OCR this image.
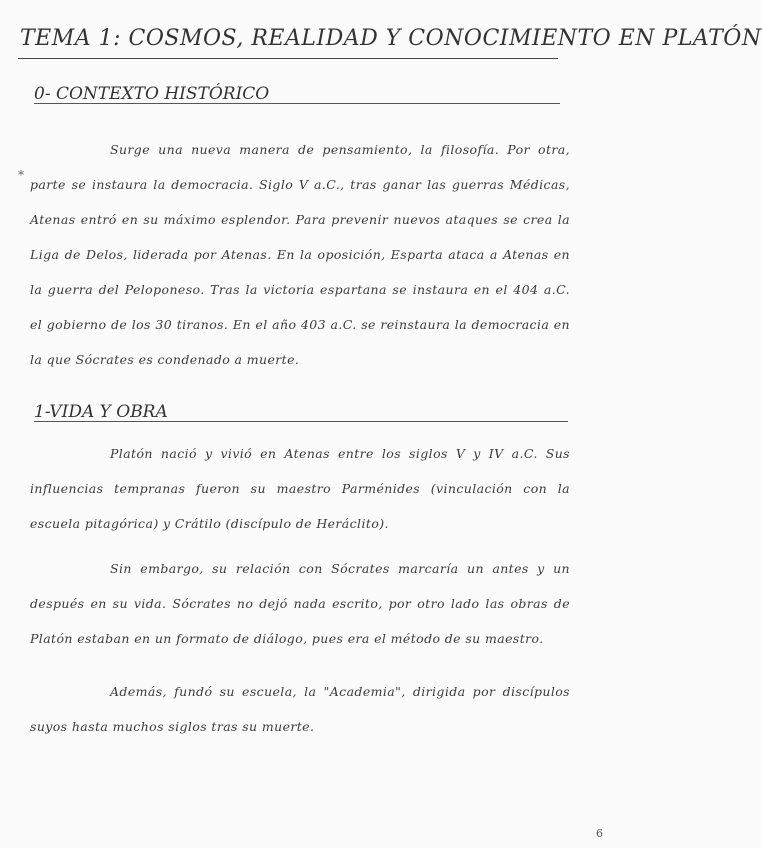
TEMA 1: COSMOS, REALIDAD Y CONOCIMIENTO EN PLATÓN
0- CONTEXTO HISTÓRICO
*
Surge una nueva manera de pensamiento, la filosofía. Por otra, parte se instaura la democracia. Siglo V a.C., tras ganar las guerras Médicas, Atenas entró en su máximo esplendor. Para prevenir nuevos ataques se crea la Liga de Delos, liderada por Atenas. En la oposición, Esparta ataca a Atenas en la guerra del Peloponeso. Tras la victoria espartana se instaura en el 404 a.C. el gobierno de los 30 tiranos. En el año 403 a.C. se reinstaura la democracia en la que Sócrates es condenado a muerte.
1-VIDA Y OBRA
Platón nació y vivió en Atenas entre los siglos V y IV a.C. Sus influencias tempranas fueron su maestro Parménides (vinculación con la escuela pitagórica) y Crátilo (discípulo de Heráclito).
Sin embargo, su relación con Sócrates marcaría un antes y un después en su vida. Sócrates no dejó nada escrito, por otro lado las obras de Platón estaban en un formato de diálogo, pues era el método de su maestro.
Además, fundó su escuela, la "Academia", dirigida por discípulos suyos hasta muchos siglos tras su muerte.
6
